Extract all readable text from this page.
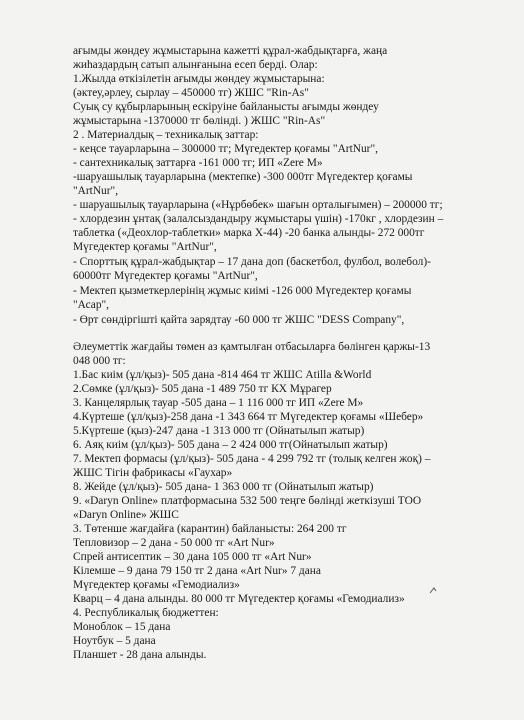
ағымды жөндеу жұмыстарына кажетті құрал-жабдықтарға, жаңа
жиһаздардың сатып алынғанына есеп берді. Олар:
1.Жылда өткізілетін ағымды жөндеу жұмыстарына:
(әктеу,әрлеу, сырлау – 450000 тг) ЖШС "Rin-As"
Суық су құбырларының ескіруіне байланысты ағымды жөндеу
жұмыстарына -1370000 тг бөлінді. ) ЖШС "Rin-As"
2 . Материалдық – техникалық заттар:
- кеңсе тауарларына – 300000 тг; Мүгедектер қоғамы "ArtNur",
- сантехникалық заттарға -161 000 тг; ИП «Zere M»
-шаруашылық тауарларына (мектепке) -300 000тг Мүгедектер қоғамы
"ArtNur",
- шаруашылық тауарларына («Нұрбөбек» шағын орталығымен) – 200000 тг;
- хлордезин ұнтақ (залалсыздандыру жұмыстары үшін) -170кг , хлордезин –
таблетка («Деохлор-таблетки» марка Х-44) -20 банка алынды- 272 000тг
Мүгедектер қоғамы "ArtNur",
- Спорттық құрал-жабдықтар – 17 дана доп (баскетбол, фулбол, волебол)-
60000тг Мүгедектер қоғамы "ArtNur",
- Мектеп қызметкерлерінің жұмыс киімі -126 000 Мүгедектер қоғамы
"Асар",
- Өрт сөндіргішті қайта зарядтау -60 000 тг ЖШС "DESS Company",
Әлеуметтік жағдайы төмен аз қамтылған отбасыларға бөлінген қаржы-13
048 000 тг:
1.Бас киім (ұл/қыз)- 505 дана -814 464 тг ЖШС Atilla &World
2.Сөмке (ұл/қыз)- 505 дана -1 489 750 тг КХ Мұрагер
3. Канцелярлық тауар -505 дана – 1 116 000 тг ИП «Zere M»
4.Күртеше (ұл/қыз)-258 дана -1 343 664 тг Мүгедектер қоғамы «Шебер»
5.Күртеше (қыз)-247 дана -1 313 000 тг (Ойнатылып жатыр)
6. Аяқ киім (ұл/қыз)- 505 дана – 2 424 000 тг(Ойнатылып жатыр)
7. Мектеп формасы (ұл/қыз)- 505 дана - 4 299 792 тг (толық келген жоқ) –
ЖШС Тігін фабрикасы «Гаухар»
8. Жейде (ұл/қыз)- 505 дана- 1 363 000 тг (Ойнатылып жатыр)
9. «Daryn Online» платформасына 532 500 теңге бөлінді жеткізуші ТОО
«Daryn Online» ЖШС
3. Төтенше жағдайға (карантин) байланысты: 264 200 тг
Тепловизор – 2 дана - 50 000 тг «Art Nur»
Спрей антисептик – 30 дана 105 000 тг «Art Nur»
Кілемше – 9 дана 79 150 тг 2 дана «Art Nur» 7 дана
Мүгедектер қоғамы «Гемодиализ»
Кварц – 4 дана алынды. 80 000 тг Мүгедектер қоғамы «Гемодиализ»
4. Республикалық бюджеттен:
Моноблок – 15 дана
Ноутбук – 5 дана
Планшет - 28 дана алынды.
